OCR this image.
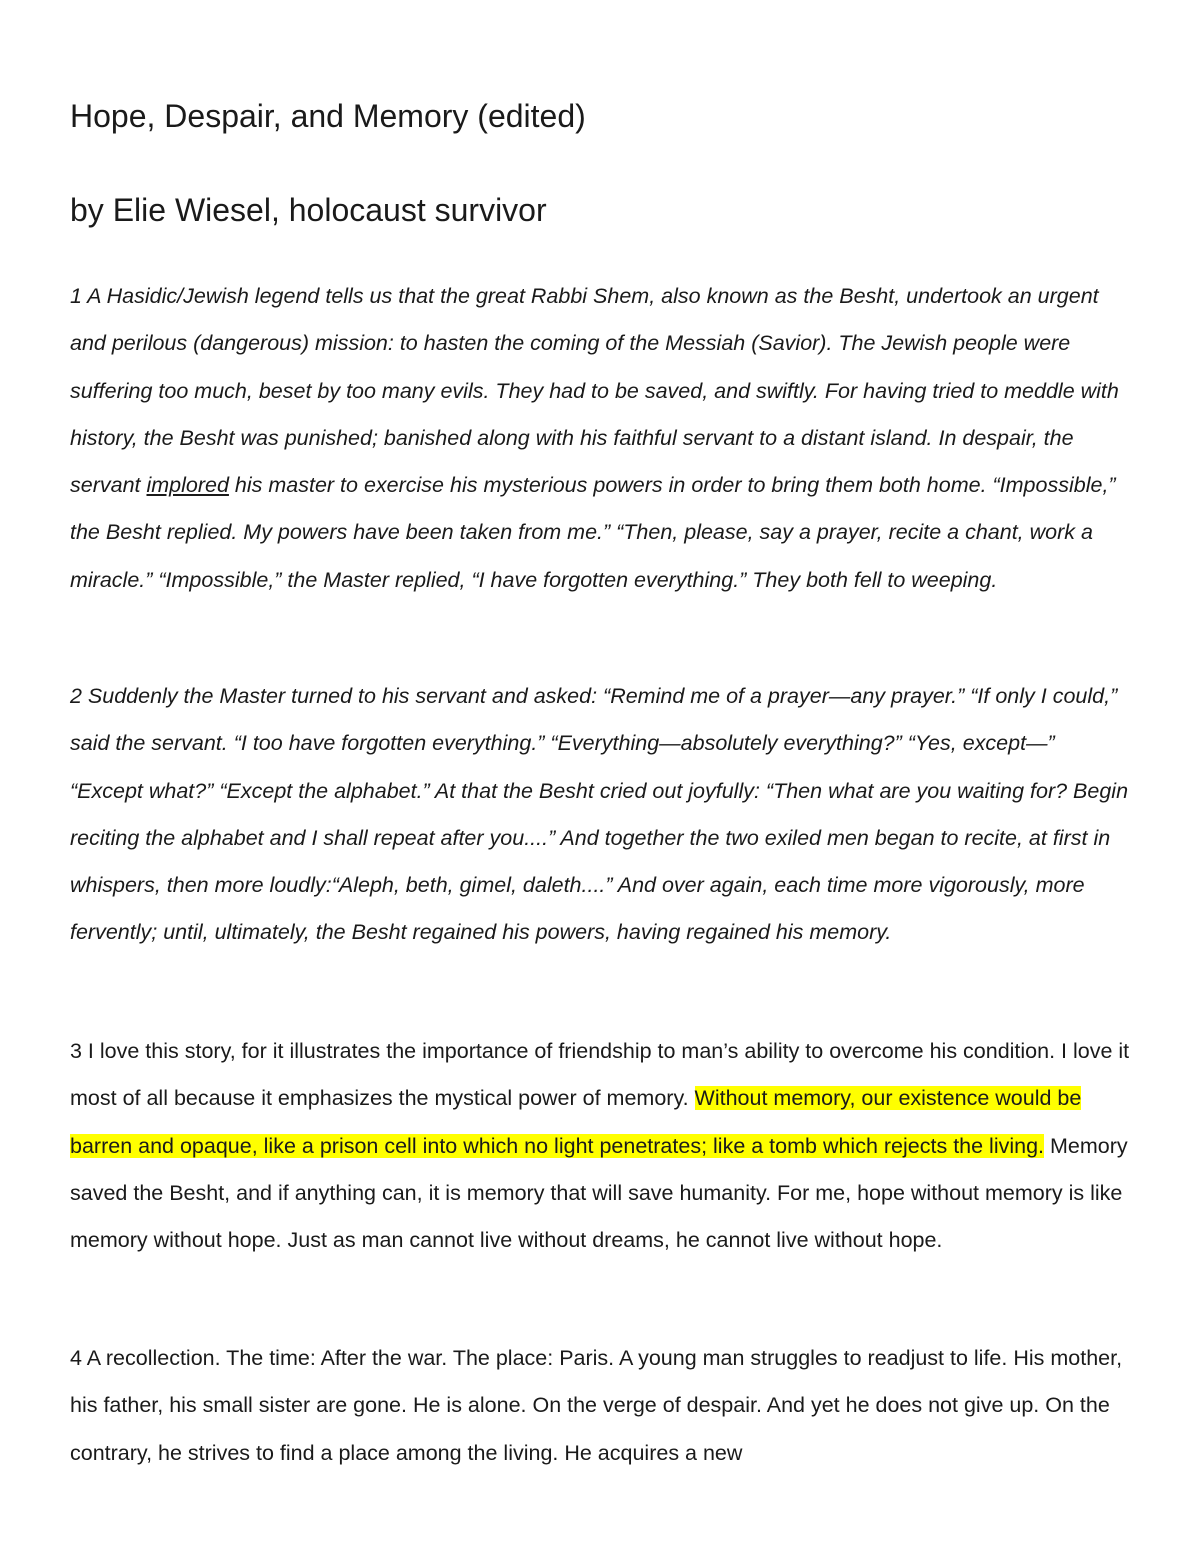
Hope, Despair, and Memory (edited)
by Elie Wiesel, holocaust survivor

1 A Hasidic/Jewish legend tells us that the great Rabbi Shem, also known as the Besht, undertook an urgent and perilous (dangerous) mission: to hasten the coming of the Messiah (Savior). The Jewish people were suffering too much, beset by too many evils. They had to be saved, and swiftly. For having tried to meddle with history, the Besht was punished; banished along with his faithful servant to a distant island. In despair, the servant implored his master to exercise his mysterious powers in order to bring them both home. “Impossible,” the Besht replied. My powers have been taken from me.” “Then, please, say a prayer, recite a chant, work a miracle.” “Impossible,” the Master replied, “I have forgotten everything.” They both fell to weeping.

2 Suddenly the Master turned to his servant and asked: “Remind me of a prayer—any prayer.” “If only I could,” said the servant. “I too have forgotten everything.” “Everything—absolutely everything?” “Yes, except—” “Except what?” “Except the alphabet.” At that the Besht cried out joyfully: “Then what are you waiting for? Begin reciting the alphabet and I shall repeat after you....” And together the two exiled men began to recite, at first in whispers, then more loudly:“Aleph, beth, gimel, daleth....” And over again, each time more vigorously, more fervently; until, ultimately, the Besht regained his powers, having regained his memory.

3 I love this story, for it illustrates the importance of friendship to man’s ability to overcome his condition. I love it most of all because it emphasizes the mystical power of memory. Without memory, our existence would be barren and opaque, like a prison cell into which no light penetrates; like a tomb which rejects the living. Memory saved the Besht, and if anything can, it is memory that will save humanity. For me, hope without memory is like memory without hope. Just as man cannot live without dreams, he cannot live without hope.

4 A recollection. The time: After the war. The place: Paris. A young man struggles to readjust to life. His mother, his father, his small sister are gone. He is alone. On the verge of despair. And yet he does not give up. On the contrary, he strives to find a place among the living. He acquires a new
